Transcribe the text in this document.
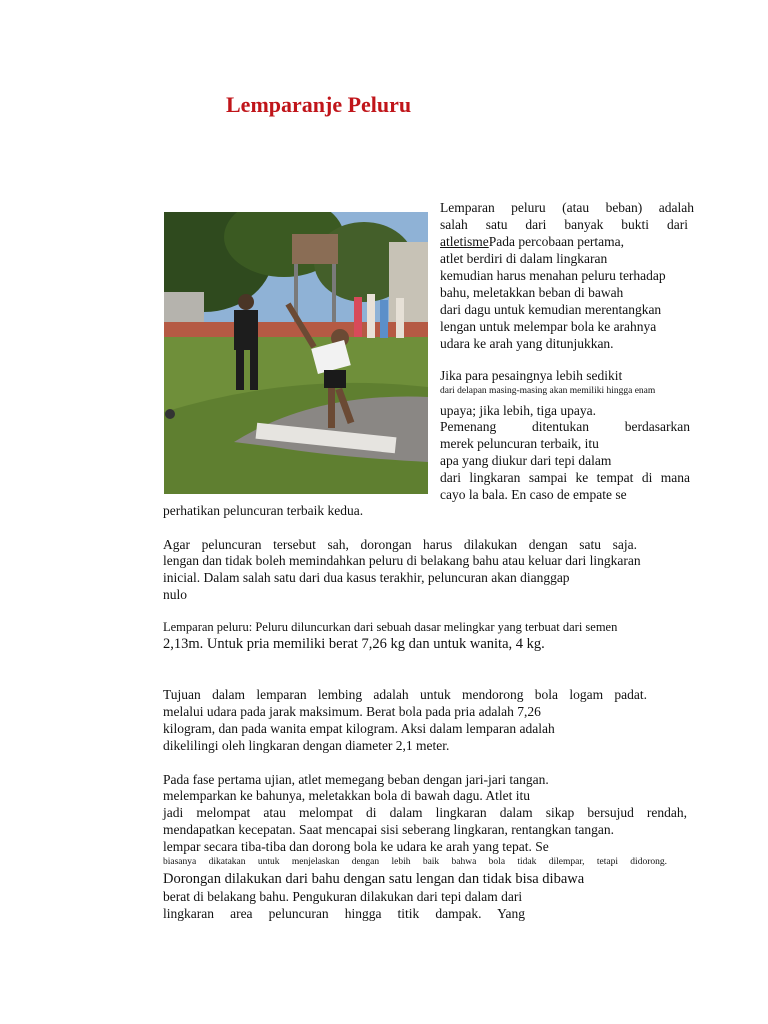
Lemparanje Peluru
Lemparan peluru (atau beban) adalah
salah satu dari banyak bukti dari
atletismePada percobaan pertama,
atlet berdiri di dalam lingkaran
kemudian harus menahan peluru terhadap
bahu, meletakkan beban di bawah
dari dagu untuk kemudian merentangkan
lengan untuk melempar bola ke arahnya
udara ke arah yang ditunjukkan.
Jika para pesaingnya lebih sedikit
dari delapan masing-masing akan memiliki hingga enam
upaya; jika lebih, tiga upaya.
Pemenang ditentukan berdasarkan
merek peluncuran terbaik, itu
apa yang diukur dari tepi dalam
dari lingkaran sampai ke tempat di mana
cayo la bala. En caso de empate se
perhatikan peluncuran terbaik kedua.
Agar peluncuran tersebut sah, dorongan harus dilakukan dengan satu saja.
lengan dan tidak boleh memindahkan peluru di belakang bahu atau keluar dari lingkaran
inicial. Dalam salah satu dari dua kasus terakhir, peluncuran akan dianggap
nulo
Lemparan peluru: Peluru diluncurkan dari sebuah dasar melingkar yang terbuat dari semen
2,13m. Untuk pria memiliki berat 7,26 kg dan untuk wanita, 4 kg.
Tujuan dalam lemparan lembing adalah untuk mendorong bola logam padat.
melalui udara pada jarak maksimum. Berat bola pada pria adalah 7,26
kilogram, dan pada wanita empat kilogram. Aksi dalam lemparan adalah
dikelilingi oleh lingkaran dengan diameter 2,1 meter.
Pada fase pertama ujian, atlet memegang beban dengan jari-jari tangan.
melemparkan ke bahunya, meletakkan bola di bawah dagu. Atlet itu
jadi melompat atau melompat di dalam lingkaran dalam sikap bersujud rendah,
mendapatkan kecepatan. Saat mencapai sisi seberang lingkaran, rentangkan tangan.
lempar secara tiba-tiba dan dorong bola ke udara ke arah yang tepat. Se
biasanya dikatakan untuk menjelaskan dengan lebih baik bahwa bola tidak dilempar, tetapi didorong.
Dorongan dilakukan dari bahu dengan satu lengan dan tidak bisa dibawa
berat di belakang bahu. Pengukuran dilakukan dari tepi dalam dari
lingkaran area peluncuran hingga titik dampak. Yang
